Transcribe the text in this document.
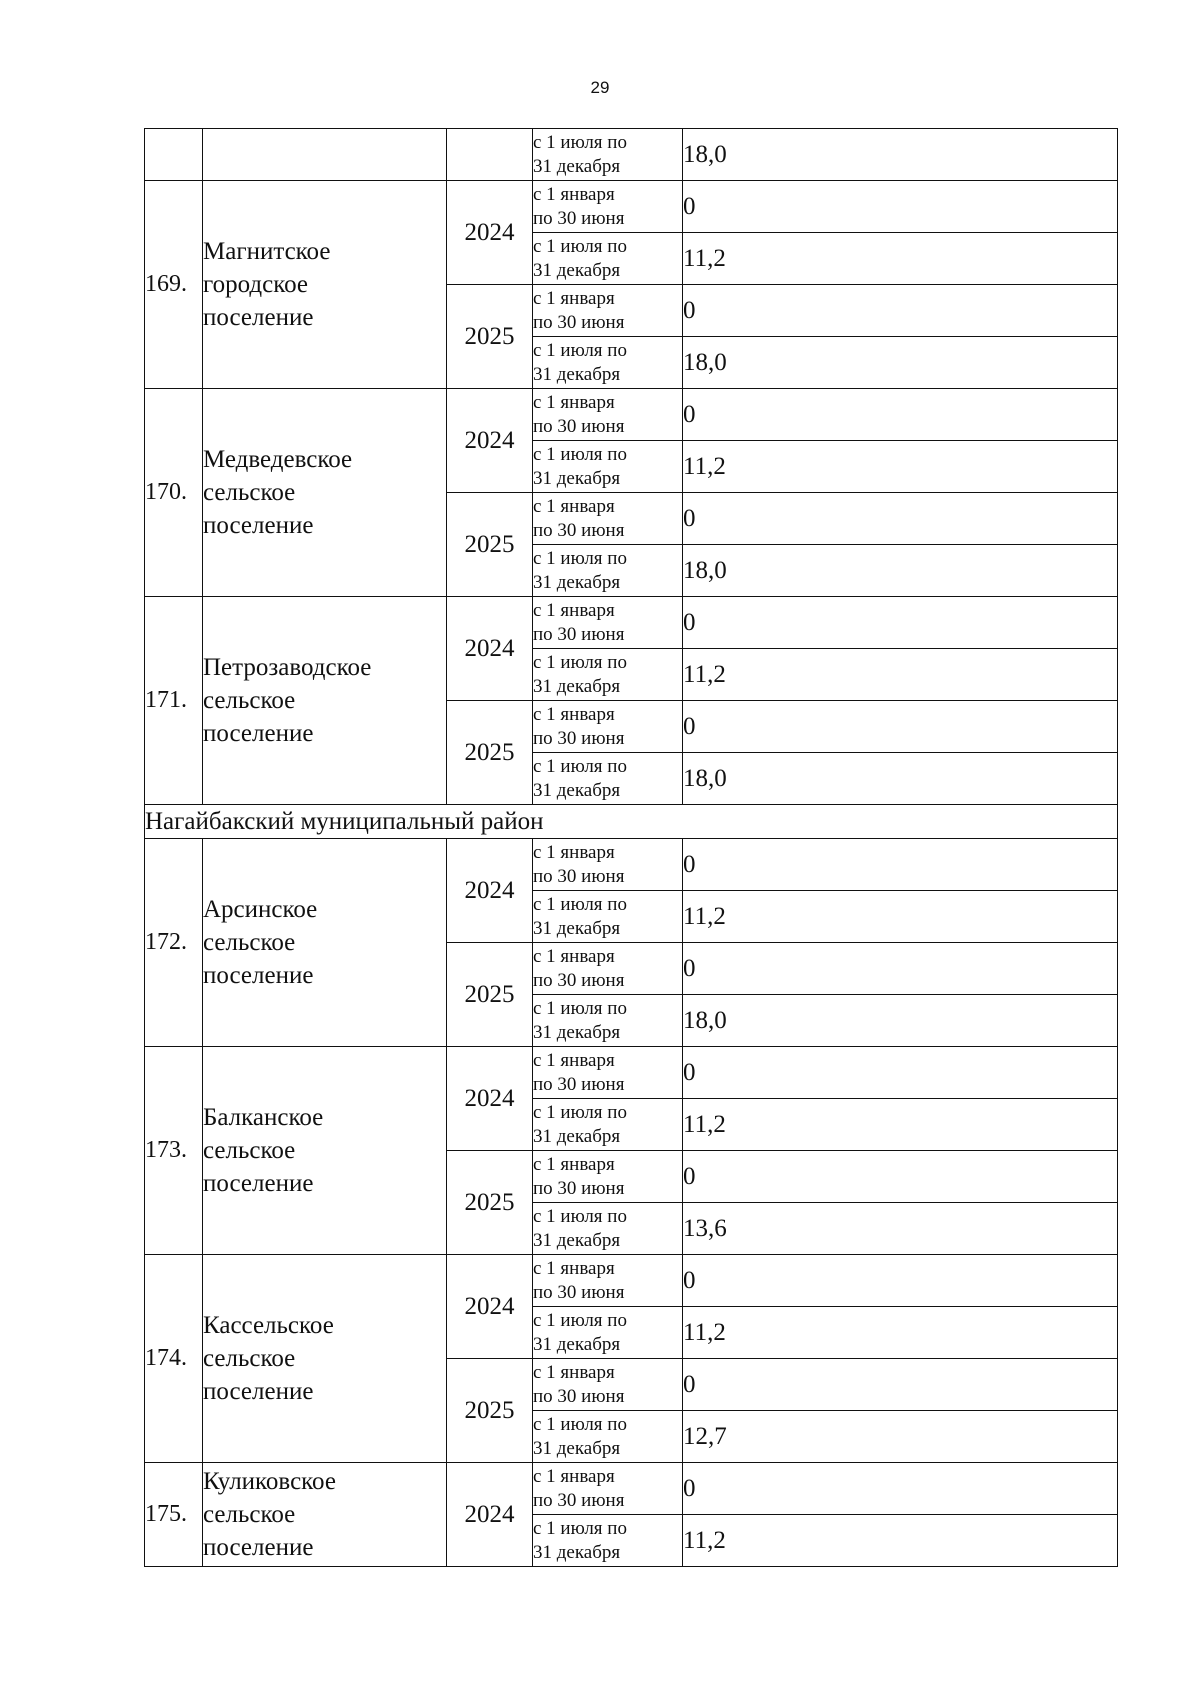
29

			с 1 июля по
31 декабря	18,0
169.	Магнитское
городское
поселение	2024	с 1 января
по 30 июня	0

			с 1 июля по
31 декабря	11,2
		2025	с 1 января
по 30 июня	0

			с 1 июля по
31 декабря	18,0
170.	Медведевское
сельское
поселение	2024	с 1 января
по 30 июня	0

			с 1 июля по
31 декабря	11,2
		2025	с 1 января
по 30 июня	0

			с 1 июля по
31 декабря	18,0
171.	Петрозаводское
сельское
поселение	2024	с 1 января
по 30 июня	0

			с 1 июля по
31 декабря	11,2
		2025	с 1 января
по 30 июня	0

			с 1 июля по
31 декабря	18,0
Нагайбакский муниципальный район				
172.	Арсинское
сельское
поселение	2024	с 1 января
по 30 июня	0

			с 1 июля по
31 декабря	11,2
		2025	с 1 января
по 30 июня	0

			с 1 июля по
31 декабря	18,0
173.	Балканское
сельское
поселение	2024	с 1 января
по 30 июня	0

			с 1 июля по
31 декабря	11,2
		2025	с 1 января
по 30 июня	0

			с 1 июля по
31 декабря	13,6
174.	Кассельское
сельское
поселение	2024	с 1 января
по 30 июня	0

			с 1 июля по
31 декабря	11,2
		2025	с 1 января
по 30 июня	0

			с 1 июля по
31 декабря	12,7
175.	Куликовское
сельское
поселение	2024	с 1 января
по 30 июня	0

			с 1 июля по
31 декабря	11,2
